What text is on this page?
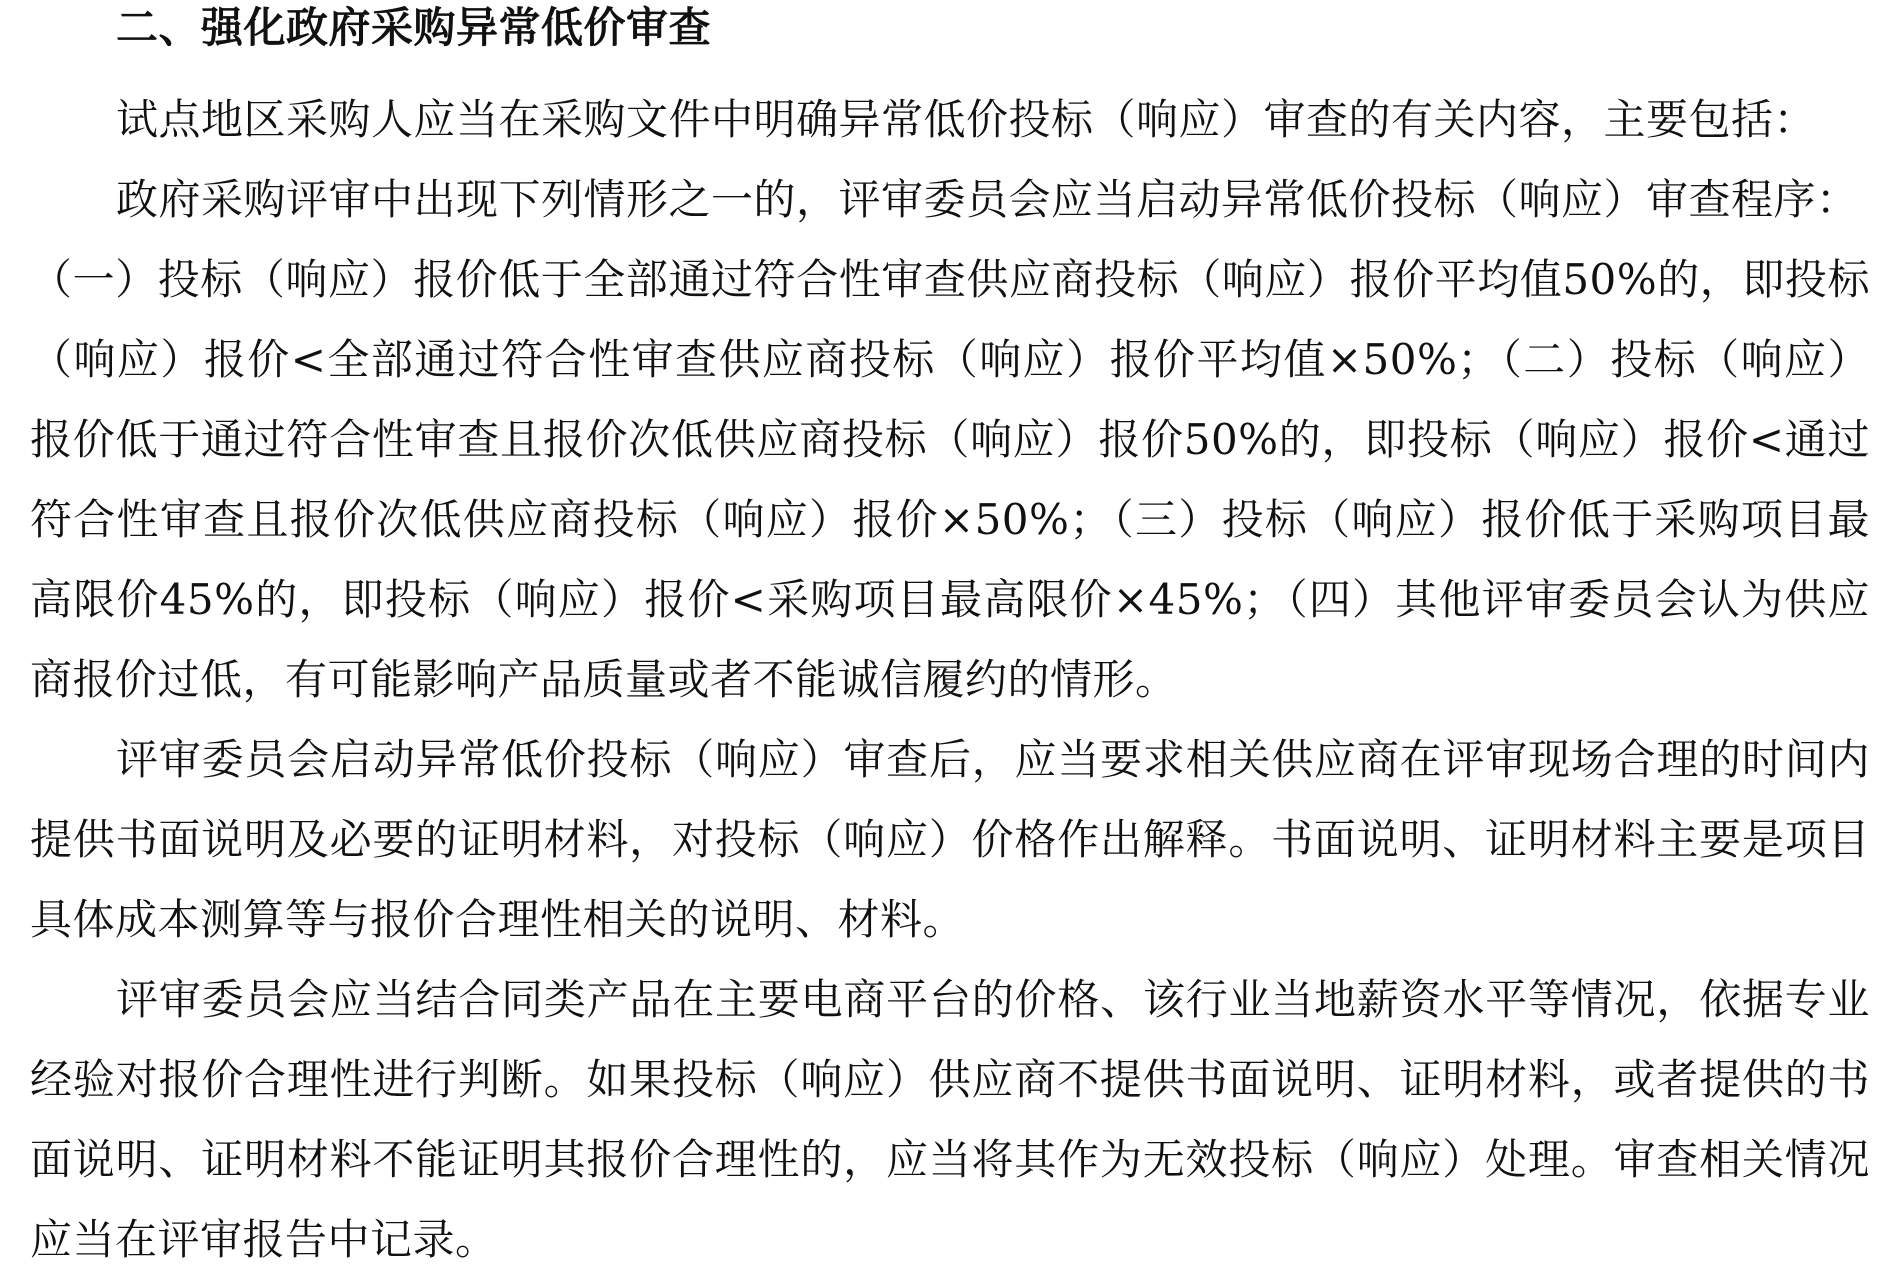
二、强化政府采购异常低价审查

试点地区采购人应当在采购文件中明确异常低价投标（响应）审查的有关内容，主要包括：

政府采购评审中出现下列情形之一的，评审委员会应当启动异常低价投标（响应）审查程序：

（一）投标（响应）报价低于全部通过符合性审查供应商投标（响应）报价平均值50%的，即投标（响应）报价<全部通过符合性审查供应商投标（响应）报价平均值×50%；（二）投标（响应）报价低于通过符合性审查且报价次低供应商投标（响应）报价50%的，即投标（响应）报价<通过符合性审查且报价次低供应商投标（响应）报价×50%；（三）投标（响应）报价低于采购项目最高限价45%的，即投标（响应）报价<采购项目最高限价×45%；（四）其他评审委员会认为供应商报价过低，有可能影响产品质量或者不能诚信履约的情形。

评审委员会启动异常低价投标（响应）审查后，应当要求相关供应商在评审现场合理的时间内提供书面说明及必要的证明材料，对投标（响应）价格作出解释。书面说明、证明材料主要是项目具体成本测算等与报价合理性相关的说明、材料。

评审委员会应当结合同类产品在主要电商平台的价格、该行业当地薪资水平等情况，依据专业经验对报价合理性进行判断。如果投标（响应）供应商不提供书面说明、证明材料，或者提供的书面说明、证明材料不能证明其报价合理性的，应当将其作为无效投标（响应）处理。审查相关情况应当在评审报告中记录。
